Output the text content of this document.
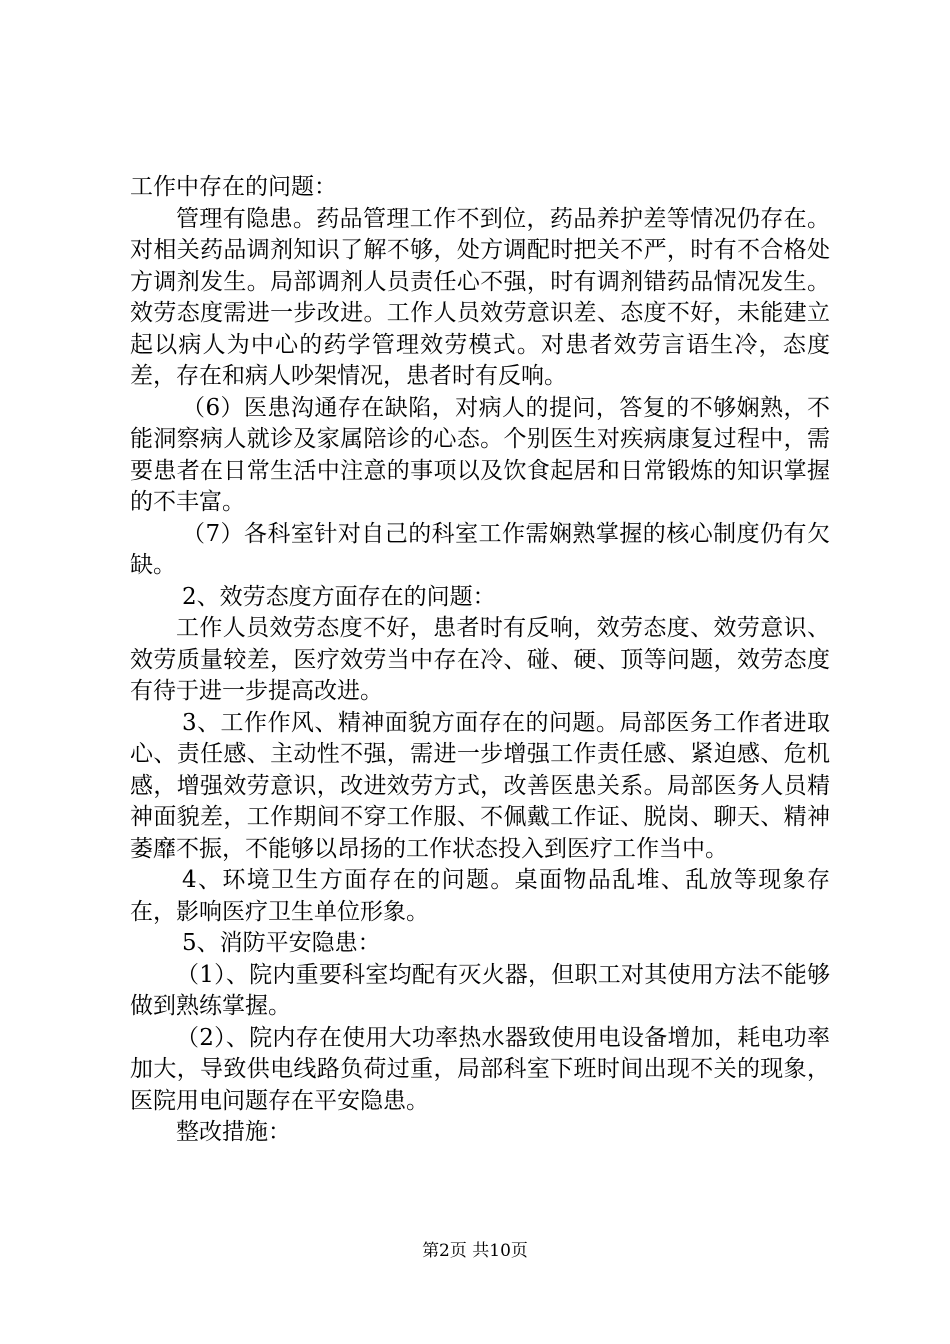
工作中存在的问题：

管理有隐患。药品管理工作不到位，药品养护差等情况仍存在。对相关药品调剂知识了解不够，处方调配时把关不严，时有不合格处方调剂发生。局部调剂人员责任心不强，时有调剂错药品情况发生。效劳态度需进一步改进。工作人员效劳意识差、态度不好，未能建立起以病人为中心的药学管理效劳模式。对患者效劳言语生冷，态度差，存在和病人吵架情况，患者时有反响。

（6）医患沟通存在缺陷，对病人的提问，答复的不够娴熟，不能洞察病人就诊及家属陪诊的心态。个别医生对疾病康复过程中，需要患者在日常生活中注意的事项以及饮食起居和日常锻炼的知识掌握的不丰富。

（7）各科室针对自己的科室工作需娴熟掌握的核心制度仍有欠缺。

2、效劳态度方面存在的问题：

工作人员效劳态度不好，患者时有反响，效劳态度、效劳意识、效劳质量较差，医疗效劳当中存在冷、碰、硬、顶等问题，效劳态度有待于进一步提高改进。

3、工作作风、精神面貌方面存在的问题。局部医务工作者进取心、责任感、主动性不强，需进一步增强工作责任感、紧迫感、危机感，增强效劳意识，改进效劳方式，改善医患关系。局部医务人员精神面貌差，工作期间不穿工作服、不佩戴工作证、脱岗、聊天、精神萎靡不振，不能够以昂扬的工作状态投入到医疗工作当中。

4、环境卫生方面存在的问题。桌面物品乱堆、乱放等现象存在，影响医疗卫生单位形象。

5、消防平安隐患：

（1）、院内重要科室均配有灭火器，但职工对其使用方法不能够做到熟练掌握。

（2）、院内存在使用大功率热水器致使用电设备增加，耗电功率加大，导致供电线路负荷过重，局部科室下班时间出现不关的现象，医院用电问题存在平安隐患。

整改措施：

第2页 共10页
